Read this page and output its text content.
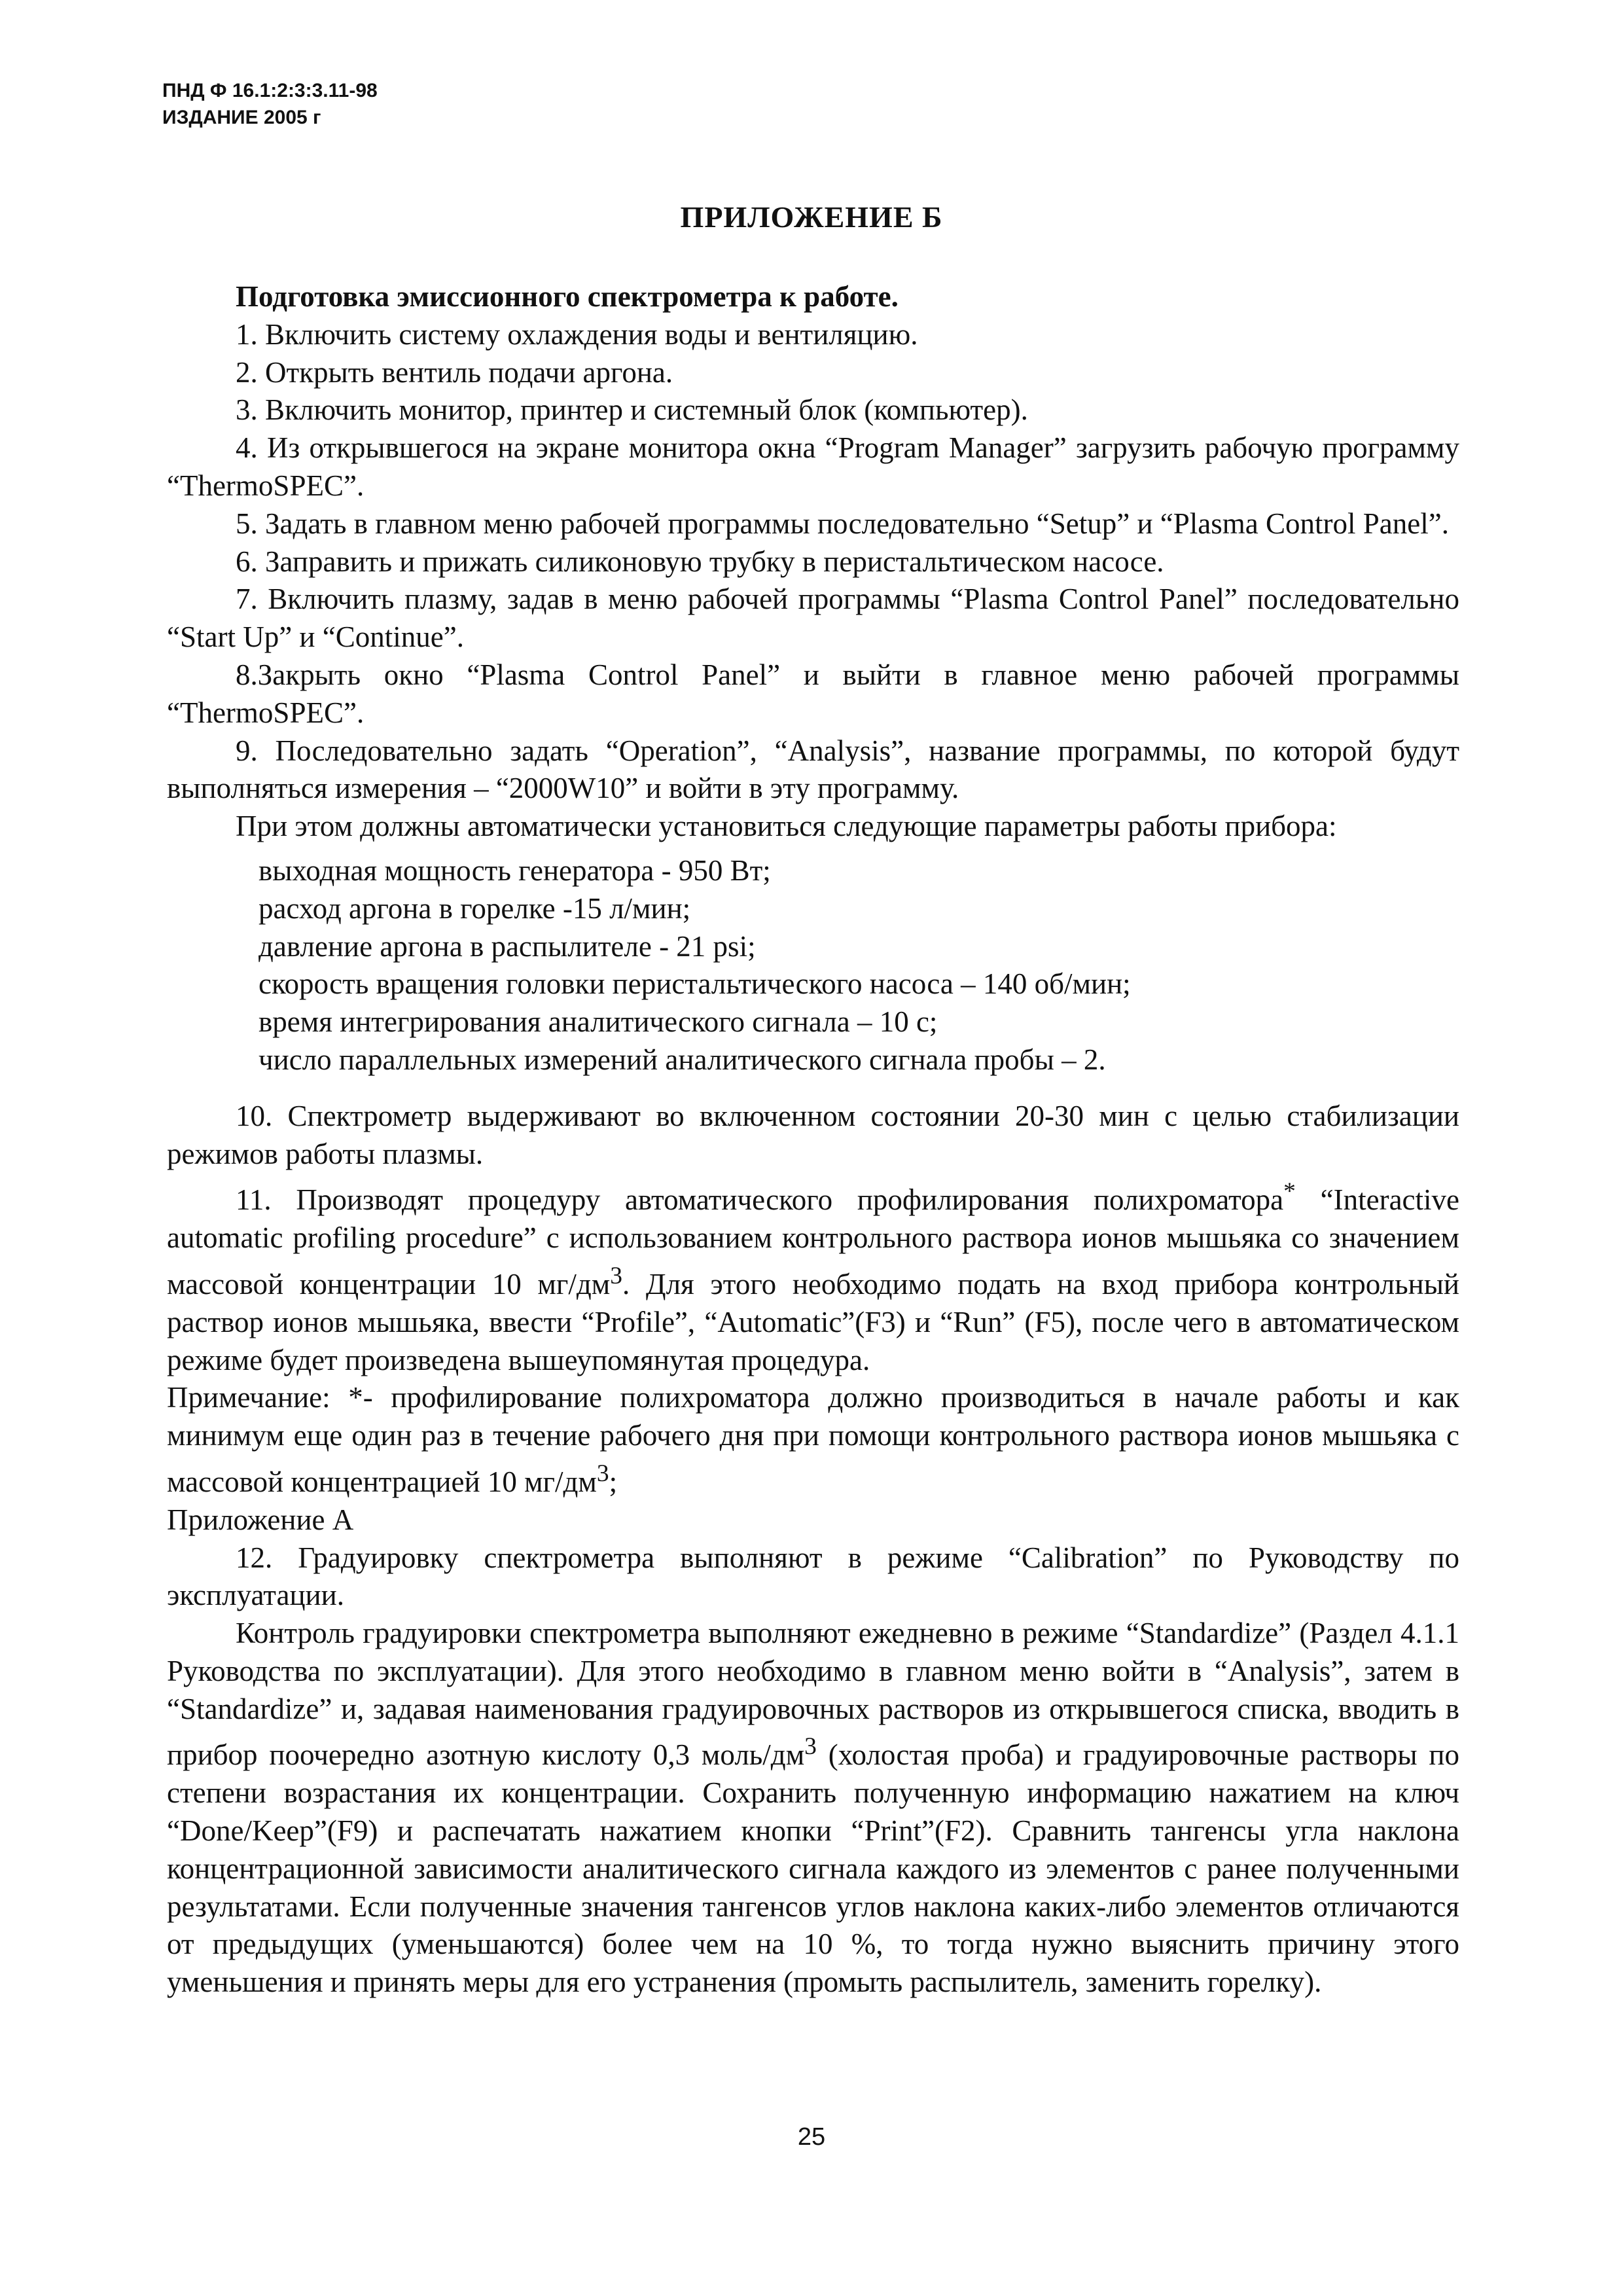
ПНД Ф 16.1:2:3:3.11-98
ИЗДАНИЕ 2005 г
ПРИЛОЖЕНИЕ Б

Подготовка эмиссионного спектрометра к работе.

1. Включить систему охлаждения воды и вентиляцию.

2. Открыть вентиль подачи аргона.

3. Включить монитор, принтер и системный блок (компьютер).

4. Из открывшегося на экране монитора окна “Program Manager” загрузить рабочую программу “ThermoSPEC”.

5. Задать в главном меню рабочей программы последовательно “Setup” и “Plasma Control Panel”.

6. Заправить и прижать силиконовую трубку в перистальтическом насосе.

7. Включить плазму, задав в меню рабочей программы “Plasma Control Panel” последовательно “Start Up” и “Continue”.

8.Закрыть окно “Plasma Control Panel” и выйти в главное меню рабочей программы “ThermoSPEC”.

9. Последовательно задать “Operation”, “Analysis”, название программы, по которой будут выполняться измерения – “2000W10” и войти в эту программу.

При этом должны автоматически установиться следующие параметры работы прибора:

выходная мощность генератора - 950 Вт;

расход аргона в горелке -15 л/мин;

давление аргона в распылителе - 21 psi;

скорость вращения головки перистальтического насоса – 140 об/мин;

время интегрирования аналитического сигнала – 10 с;

число параллельных измерений аналитического сигнала пробы – 2.

10. Спектрометр выдерживают во включенном состоянии 20-30 мин с целью стабилизации режимов работы плазмы.

11. Производят процедуру автоматического профилирования полихроматора* “Interactive automatic profiling procedure” с использованием контрольного раствора ионов мышьяка со значением массовой концентрации 10 $мг/дм^3$. Для этого необходимо подать на вход прибора контрольный раствор ионов мышьяка, ввести “Profile”, “Automatic”(F3) и “Run” (F5), после чего в автоматическом режиме будет произведена вышеупомянутая процедура.

Примечание: *- профилирование полихроматора должно производиться в начале работы и как минимум еще один раз в течение рабочего дня при помощи контрольного раствора ионов мышьяка с массовой концентрацией 10 $мг/дм^3$;

Приложение А

12. Градуировку спектрометра выполняют в режиме “Calibration” по Руководству по эксплуатации.

Контроль градуировки спектрометра выполняют ежедневно в режиме “Standardize” (Раздел 4.1.1 Руководства по эксплуатации). Для этого необходимо в главном меню войти в “Analysis”, затем в “Standardize” и, задавая наименования градуировочных растворов из открывшегося списка, вводить в прибор поочередно азотную кислоту 0,3 моль/$дм^3$ (холостая проба) и градуировочные растворы по степени возрастания их концентрации. Сохранить полученную информацию нажатием на ключ “Done/Keep”(F9) и распечатать нажатием кнопки “Print”(F2). Сравнить тангенсы угла наклона концентрационной зависимости аналитического сигнала каждого из элементов с ранее полученными результатами. Если полученные значения тангенсов углов наклона каких-либо элементов отличаются от предыдущих (уменьшаются) более чем на 10 %, то тогда нужно выяснить причину этого уменьшения и принять меры для его устранения (промыть распылитель, заменить горелку).

25
